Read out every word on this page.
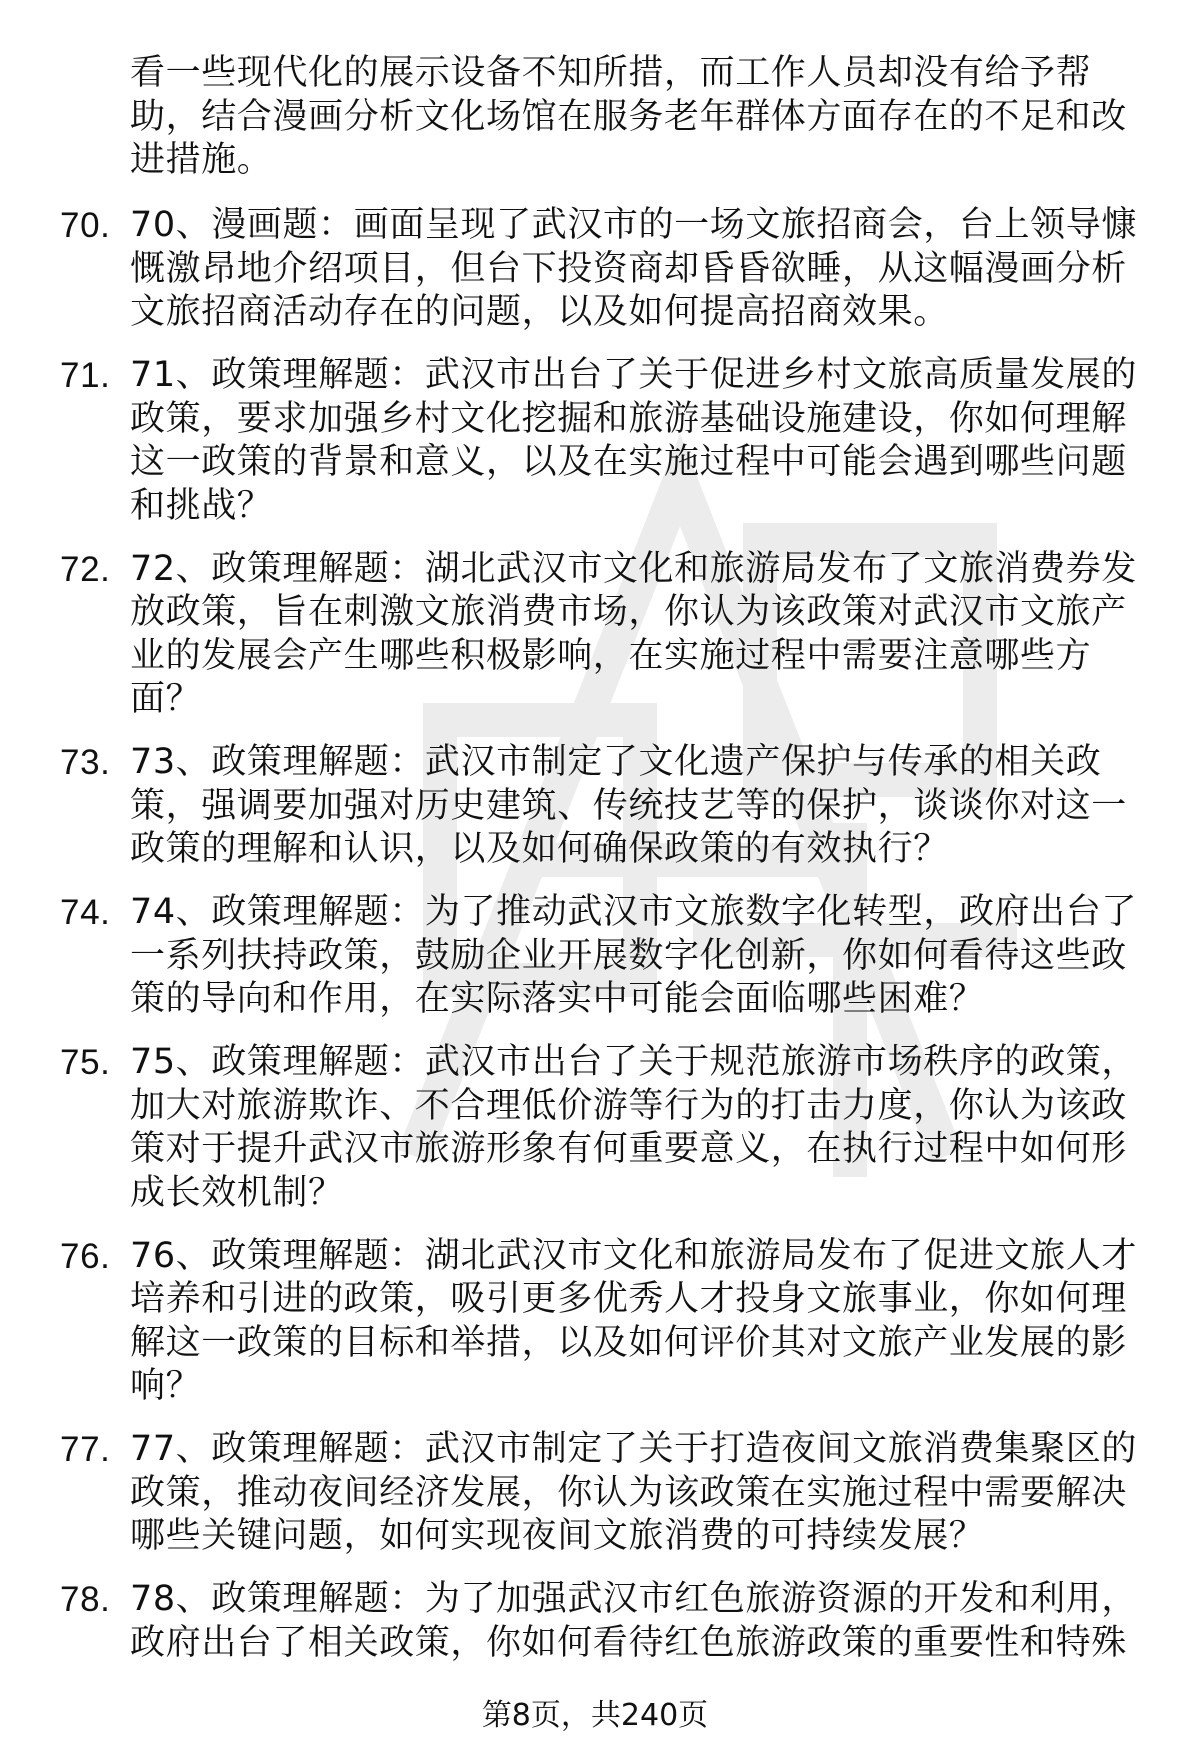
看一些现代化的展示设备不知所措，而工作人员却没有给予帮助，结合漫画分析文化场馆在服务老年群体方面存在的不足和改进措施。
70. 70、漫画题：画面呈现了武汉市的一场文旅招商会，台上领导慷慨激昂地介绍项目，但台下投资商却昏昏欲睡，从这幅漫画分析文旅招商活动存在的问题，以及如何提高招商效果。
71. 71、政策理解题：武汉市出台了关于促进乡村文旅高质量发展的政策，要求加强乡村文化挖掘和旅游基础设施建设，你如何理解这一政策的背景和意义，以及在实施过程中可能会遇到哪些问题和挑战？
72. 72、政策理解题：湖北武汉市文化和旅游局发布了文旅消费券发放政策，旨在刺激文旅消费市场，你认为该政策对武汉市文旅产业的发展会产生哪些积极影响，在实施过程中需要注意哪些方面？
73. 73、政策理解题：武汉市制定了文化遗产保护与传承的相关政策，强调要加强对历史建筑、传统技艺等的保护，谈谈你对这一政策的理解和认识，以及如何确保政策的有效执行？
74. 74、政策理解题：为了推动武汉市文旅数字化转型，政府出台了一系列扶持政策，鼓励企业开展数字化创新，你如何看待这些政策的导向和作用，在实际落实中可能会面临哪些困难？
75. 75、政策理解题：武汉市出台了关于规范旅游市场秩序的政策，加大对旅游欺诈、不合理低价游等行为的打击力度，你认为该政策对于提升武汉市旅游形象有何重要意义，在执行过程中如何形成长效机制？
76. 76、政策理解题：湖北武汉市文化和旅游局发布了促进文旅人才培养和引进的政策，吸引更多优秀人才投身文旅事业，你如何理解这一政策的目标和举措，以及如何评价其对文旅产业发展的影响？
77. 77、政策理解题：武汉市制定了关于打造夜间文旅消费集聚区的政策，推动夜间经济发展，你认为该政策在实施过程中需要解决哪些关键问题，如何实现夜间文旅消费的可持续发展？
78. 78、政策理解题：为了加强武汉市红色旅游资源的开发和利用，政府出台了相关政策，你如何看待红色旅游政策的重要性和特殊
第8页，共240页
